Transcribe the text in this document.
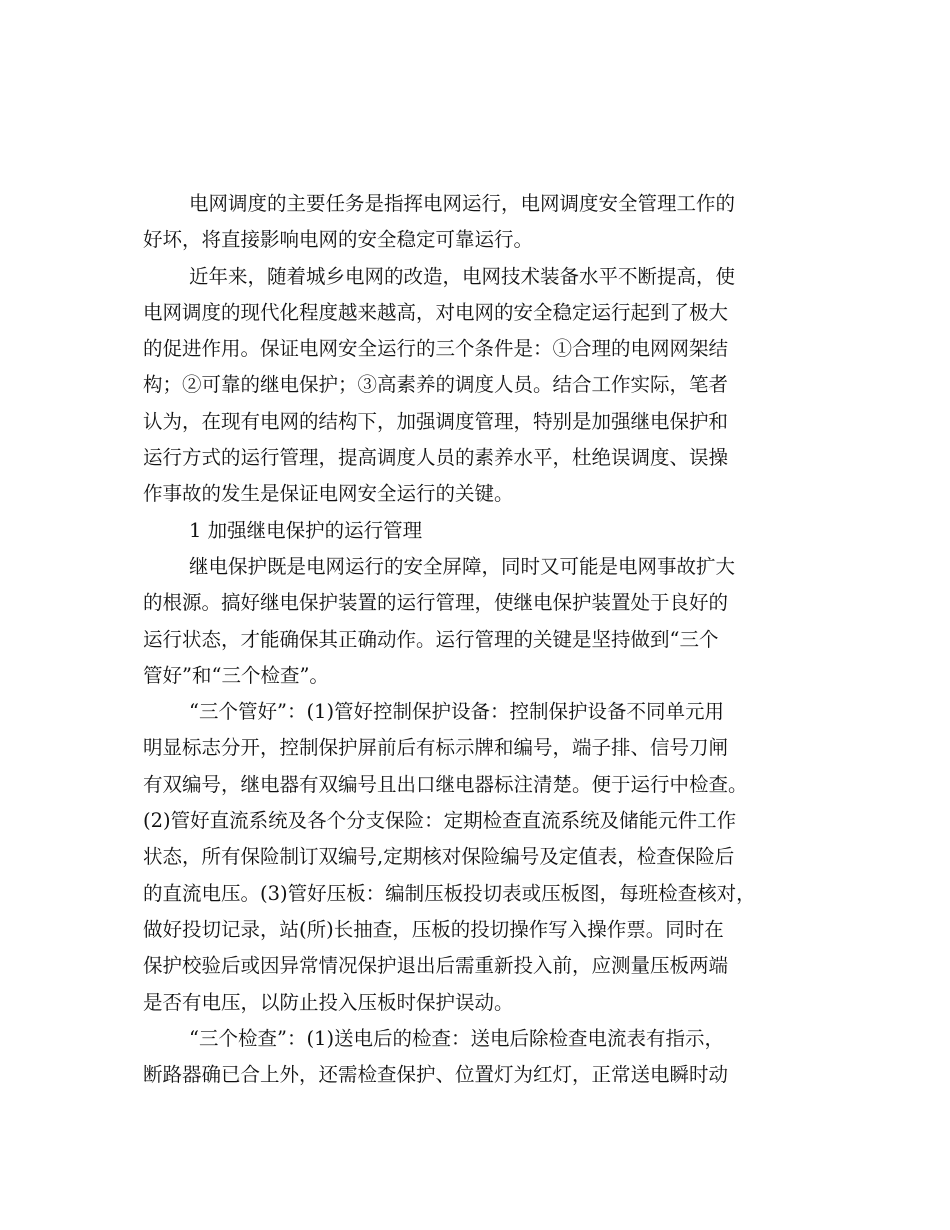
电网调度的主要任务是指挥电网运行，电网调度安全管理工作的
好坏，将直接影响电网的安全稳定可靠运行。
近年来，随着城乡电网的改造，电网技术装备水平不断提高，使
电网调度的现代化程度越来越高，对电网的安全稳定运行起到了极大
的促进作用。保证电网安全运行的三个条件是：①合理的电网网架结
构；②可靠的继电保护；③高素养的调度人员。结合工作实际，笔者
认为，在现有电网的结构下，加强调度管理，特别是加强继电保护和
运行方式的运行管理，提高调度人员的素养水平，杜绝误调度、误操
作事故的发生是保证电网安全运行的关键。
1 加强继电保护的运行管理
继电保护既是电网运行的安全屏障，同时又可能是电网事故扩大
的根源。搞好继电保护装置的运行管理，使继电保护装置处于良好的
运行状态，才能确保其正确动作。运行管理的关键是坚持做到“三个
管好”和“三个检查”。
“三个管好”：(1)管好控制保护设备：控制保护设备不同单元用
明显标志分开，控制保护屏前后有标示牌和编号，端子排、信号刀闸
有双编号，继电器有双编号且出口继电器标注清楚。便于运行中检查。
(2)管好直流系统及各个分支保险：定期检查直流系统及储能元件工作
状态，所有保险制订双编号,定期核对保险编号及定值表，检查保险后
的直流电压。(3)管好压板：编制压板投切表或压板图，每班检查核对，
做好投切记录，站(所)长抽查，压板的投切操作写入操作票。同时在
保护校验后或因异常情况保护退出后需重新投入前，应测量压板两端
是否有电压，以防止投入压板时保护误动。
“三个检查”：(1)送电后的检查：送电后除检查电流表有指示，
断路器确已合上外，还需检查保护、位置灯为红灯，正常送电瞬时动
